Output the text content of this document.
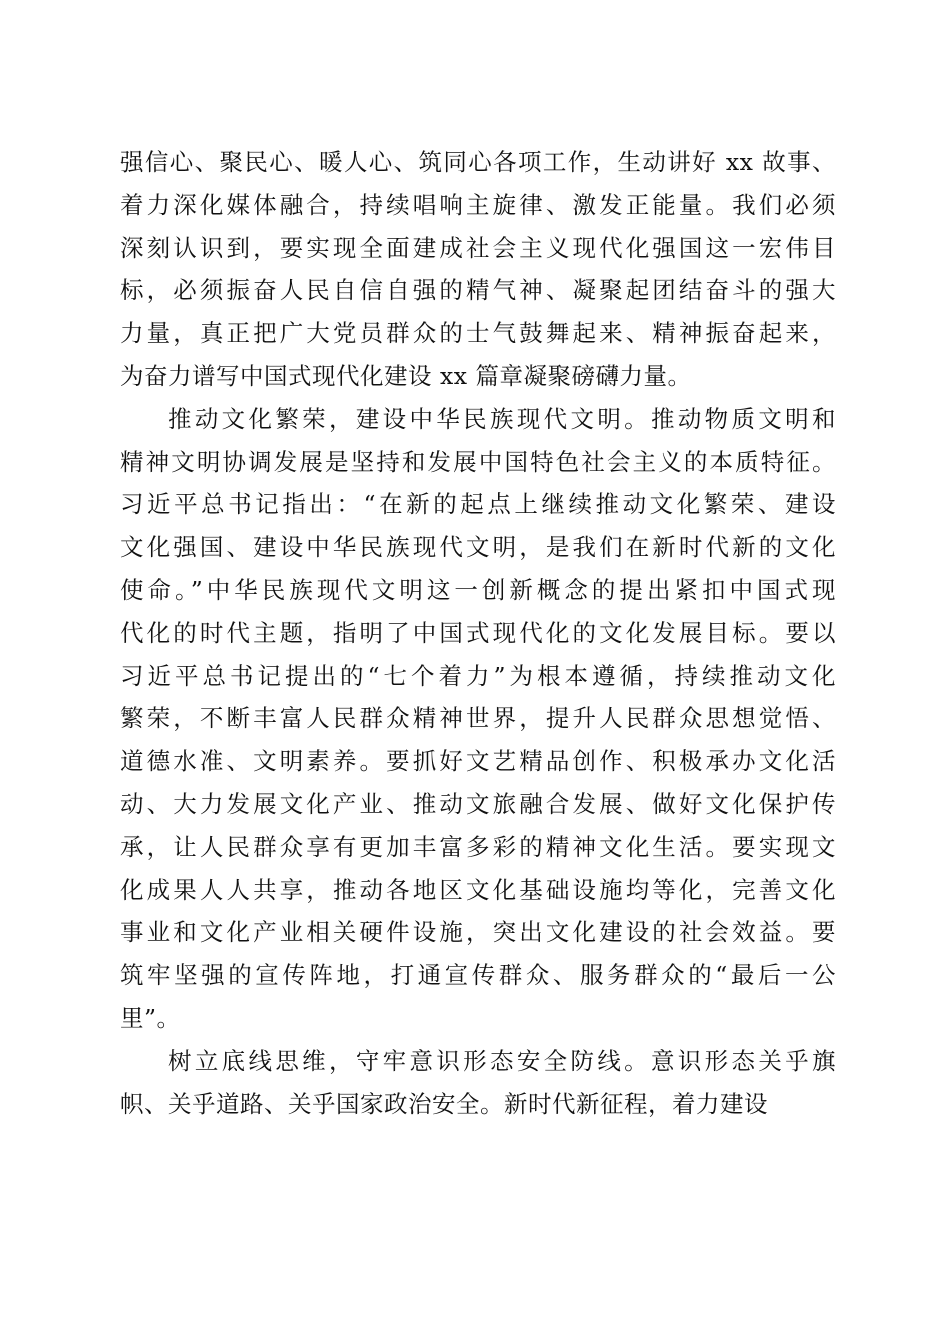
强信心、聚民心、暖人心、筑同心各项工作，生动讲好 xx 故事、
着力深化媒体融合，持续唱响主旋律、激发正能量。我们必须
深刻认识到，要实现全面建成社会主义现代化强国这一宏伟目
标，必须振奋人民自信自强的精气神、凝聚起团结奋斗的强大
力量，真正把广大党员群众的士气鼓舞起来、精神振奋起来，
为奋力谱写中国式现代化建设 xx 篇章凝聚磅礴力量。
推动文化繁荣，建设中华民族现代文明。推动物质文明和
精神文明协调发展是坚持和发展中国特色社会主义的本质特征。
习近平总书记指出：“在新的起点上继续推动文化繁荣、建设
文化强国、建设中华民族现代文明，是我们在新时代新的文化
使命。”中华民族现代文明这一创新概念的提出紧扣中国式现
代化的时代主题，指明了中国式现代化的文化发展目标。要以
习近平总书记提出的“七个着力”为根本遵循，持续推动文化
繁荣，不断丰富人民群众精神世界，提升人民群众思想觉悟、
道德水准、文明素养。要抓好文艺精品创作、积极承办文化活
动、大力发展文化产业、推动文旅融合发展、做好文化保护传
承，让人民群众享有更加丰富多彩的精神文化生活。要实现文
化成果人人共享，推动各地区文化基础设施均等化，完善文化
事业和文化产业相关硬件设施，突出文化建设的社会效益。要
筑牢坚强的宣传阵地，打通宣传群众、服务群众的“最后一公
里”。
树立底线思维，守牢意识形态安全防线。意识形态关乎旗
帜、关乎道路、关乎国家政治安全。新时代新征程，着力建设
